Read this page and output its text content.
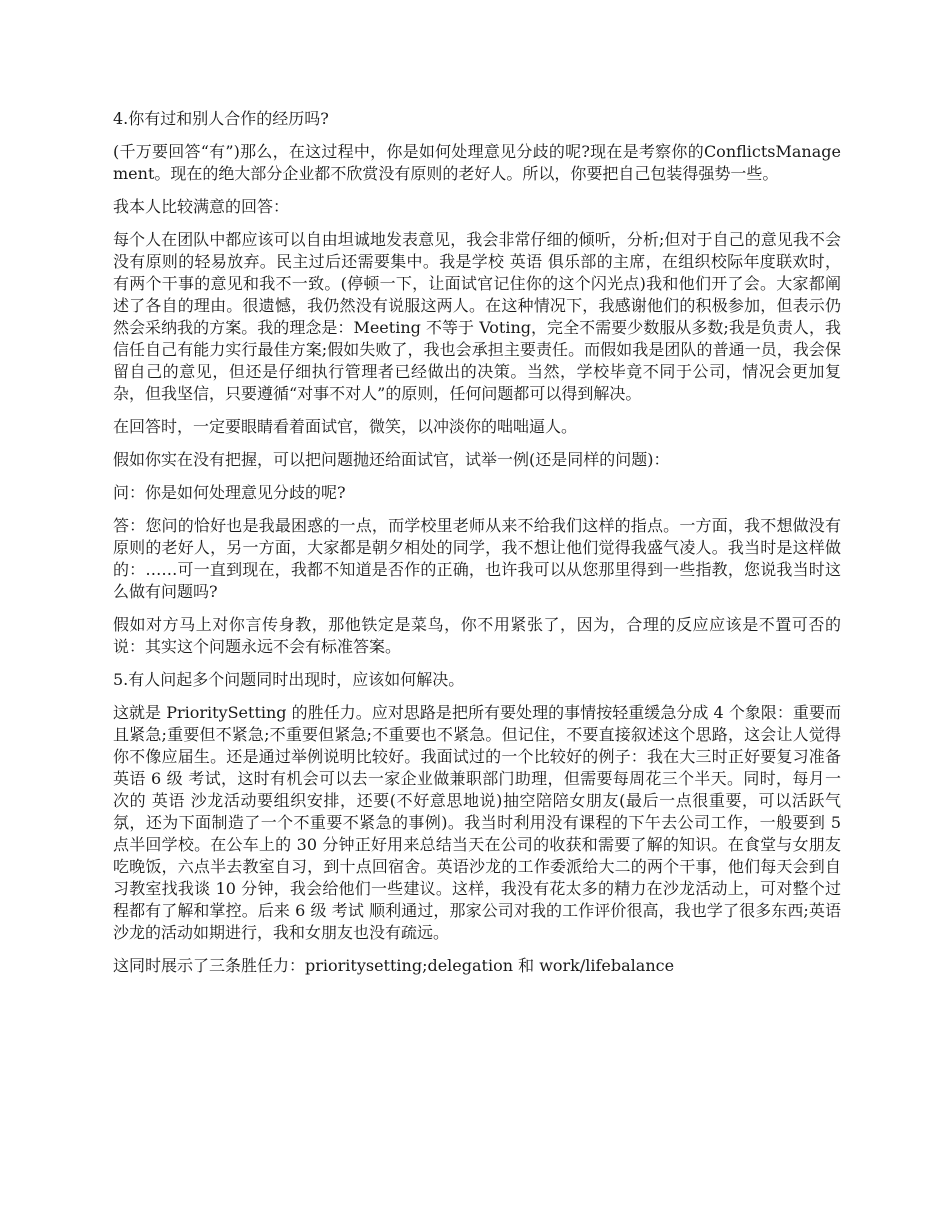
4.你有过和别人合作的经历吗?

(千万要回答“有”)那么，在这过程中，你是如何处理意见分歧的呢?现在是考察你的ConflictsManagement。现在的绝大部分企业都不欣赏没有原则的老好人。所以，你要把自己包装得强势一些。

我本人比较满意的回答：

每个人在团队中都应该可以自由坦诚地发表意见，我会非常仔细的倾听，分析;但对于自己的意见我不会没有原则的轻易放弃。民主过后还需要集中。我是学校 英语 俱乐部的主席，在组织校际年度联欢时，有两个干事的意见和我不一致。(停顿一下，让面试官记住你的这个闪光点)我和他们开了会。大家都阐述了各自的理由。很遗憾，我仍然没有说服这两人。在这种情况下，我感谢他们的积极参加，但表示仍然会采纳我的方案。我的理念是：Meeting 不等于 Voting，完全不需要少数服从多数;我是负责人，我信任自己有能力实行最佳方案;假如失败了，我也会承担主要责任。而假如我是团队的普通一员，我会保留自己的意见，但还是仔细执行管理者已经做出的决策。当然，学校毕竟不同于公司，情况会更加复杂，但我坚信，只要遵循“对事不对人”的原则，任何问题都可以得到解决。

在回答时，一定要眼睛看着面试官，微笑，以冲淡你的咄咄逼人。

假如你实在没有把握，可以把问题抛还给面试官，试举一例(还是同样的问题)：

问：你是如何处理意见分歧的呢?

答：您问的恰好也是我最困惑的一点，而学校里老师从来不给我们这样的指点。一方面，我不想做没有原则的老好人，另一方面，大家都是朝夕相处的同学，我不想让他们觉得我盛气凌人。我当时是这样做的：……可一直到现在，我都不知道是否作的正确，也许我可以从您那里得到一些指教，您说我当时这么做有问题吗?

假如对方马上对你言传身教，那他铁定是菜鸟，你不用紧张了，因为，合理的反应应该是不置可否的说：其实这个问题永远不会有标准答案。

5.有人问起多个问题同时出现时，应该如何解决。

这就是 PrioritySetting 的胜任力。应对思路是把所有要处理的事情按轻重缓急分成 4 个象限：重要而且紧急;重要但不紧急;不重要但紧急;不重要也不紧急。但记住，不要直接叙述这个思路，这会让人觉得你不像应届生。还是通过举例说明比较好。我面试过的一个比较好的例子：我在大三时正好要复习准备 英语 6 级 考试，这时有机会可以去一家企业做兼职部门助理，但需要每周花三个半天。同时，每月一次的 英语 沙龙活动要组织安排，还要(不好意思地说)抽空陪陪女朋友(最后一点很重要，可以活跃气氛，还为下面制造了一个不重要不紧急的事例)。我当时利用没有课程的下午去公司工作，一般要到 5 点半回学校。在公车上的 30 分钟正好用来总结当天在公司的收获和需要了解的知识。在食堂与女朋友吃晚饭，六点半去教室自习，到十点回宿舍。英语沙龙的工作委派给大二的两个干事，他们每天会到自习教室找我谈 10 分钟，我会给他们一些建议。这样，我没有花太多的精力在沙龙活动上，可对整个过程都有了解和掌控。后来 6 级 考试 顺利通过，那家公司对我的工作评价很高，我也学了很多东西;英语沙龙的活动如期进行，我和女朋友也没有疏远。

这同时展示了三条胜任力：prioritysetting;delegation 和 work/lifebalance
